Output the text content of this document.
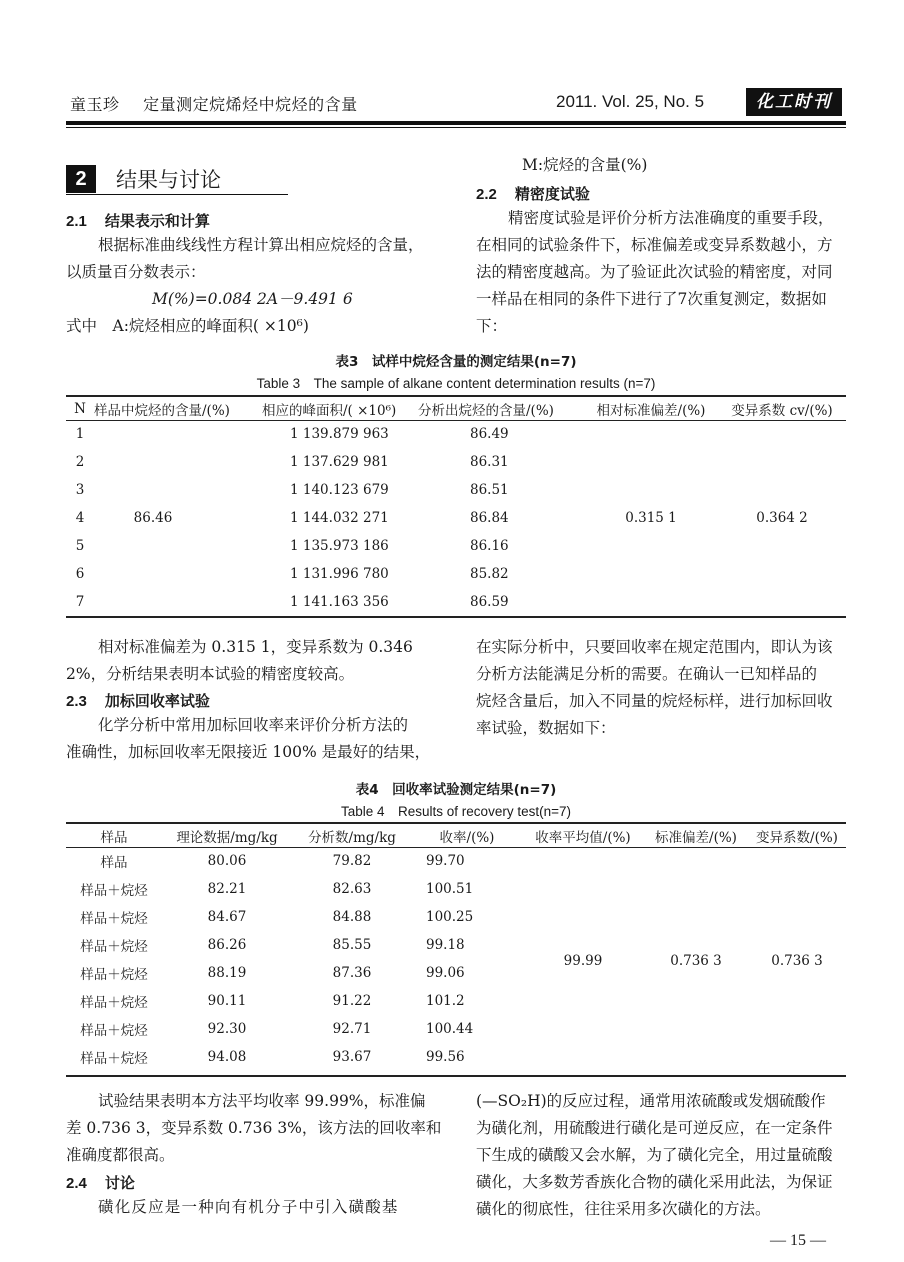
童玉珍 定量测定烷烯烃中烷烃的含量	2011. Vol. 25, No. 5	化工时刊
2	结果与讨论
2.1 结果表示和计算
根据标准曲线线性方程计算出相应烷烃的含量，
以质量百分数表示：
M(%)=0.084 2A－9.491 6
式中　A:烷烃相应的峰面积( ×10⁶)
M:烷烃的含量(%)
2.2 精密度试验
精密度试验是评价分析方法准确度的重要手段，
在相同的试验条件下，标准偏差或变异系数越小，方
法的精密度越高。为了验证此次试验的精密度，对同
一样品在相同的条件下进行了7次重复测定，数据如
下：
表3　试样中烷烃含量的测定结果(n=7)
Table 3　The sample of alkane content determination results (n=7)
N	样品中烷烃的含量/(%)	相应的峰面积/( ×10⁶)	分析出烷烃的含量/(%)	相对标准偏差/(%)	变异系数 cv/(%)
1	86.46	1 139.879 963	86.49	0.315 1	0.364 2
2		1 137.629 981	86.31		
3		1 140.123 679	86.51		
4		1 144.032 271	86.84		
5		1 135.973 186	86.16		
6		1 131.996 780	85.82		
7		1 141.163 356	86.59		
相对标准偏差为 0.315 1，变异系数为 0.346
2%，分析结果表明本试验的精密度较高。
2.3 加标回收率试验
化学分析中常用加标回收率来评价分析方法的
准确性，加标回收率无限接近 100% 是最好的结果，
在实际分析中，只要回收率在规定范围内，即认为该
分析方法能满足分析的需要。在确认一已知样品的
烷烃含量后，加入不同量的烷烃标样，进行加标回收
率试验，数据如下：
表4　回收率试验测定结果(n=7)
Table 4　Results of recovery test(n=7)
样品	理论数据/mg/kg	分析数/mg/kg	收率/(%)	收率平均值/(%)	标准偏差/(%)	变异系数/(%)
样品	80.06	79.82	99.70	99.99	0.736 3	0.736 3
样品＋烷烃	82.21	82.63	100.51			
样品＋烷烃	84.67	84.88	100.25			
样品＋烷烃	86.26	85.55	99.18			
样品＋烷烃	88.19	87.36	99.06			
样品＋烷烃	90.11	91.22	101.2			
样品＋烷烃	92.30	92.71	100.44			
样品＋烷烃	94.08	93.67	99.56			
试验结果表明本方法平均收率 99.99%，标准偏
差 0.736 3，变异系数 0.736 3%，该方法的回收率和
准确度都很高。
2.4 讨论
磺化反应是一种向有机分子中引入磺酸基
(—SO₂H)的反应过程，通常用浓硫酸或发烟硫酸作
为磺化剂，用硫酸进行磺化是可逆反应，在一定条件
下生成的磺酸又会水解，为了磺化完全，用过量硫酸
磺化，大多数芳香族化合物的磺化采用此法，为保证
磺化的彻底性，往往采用多次磺化的方法。
— 15 —
